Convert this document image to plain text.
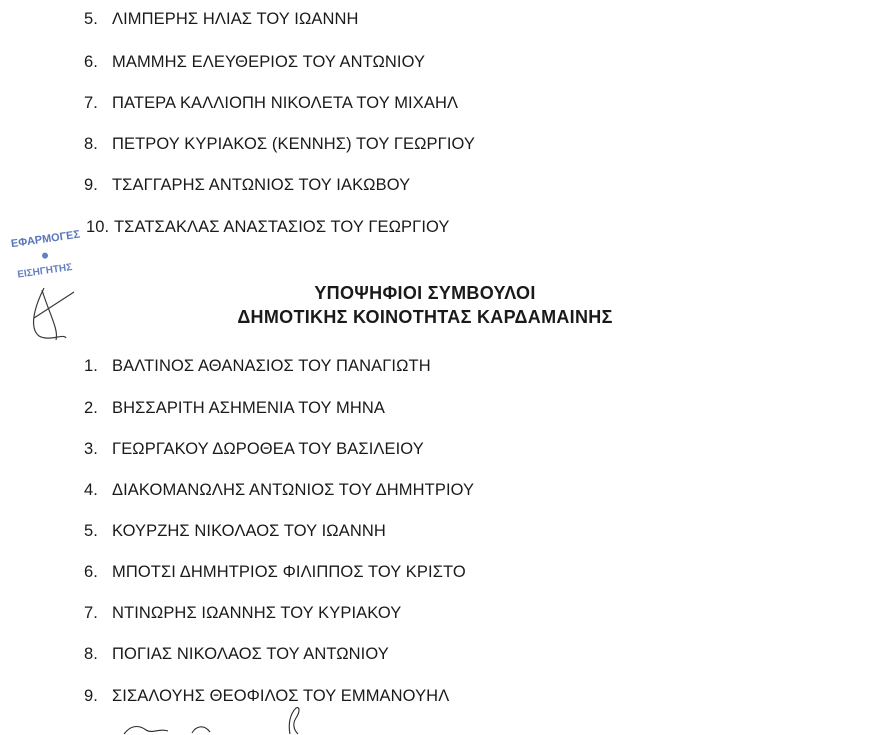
5. ΛΙΜΠΕΡΗΣ ΗΛΙΑΣ ΤΟΥ ΙΩΑΝΝΗ
6. ΜΑΜΜΗΣ ΕΛΕΥΘΕΡΙΟΣ ΤΟΥ ΑΝΤΩΝΙΟΥ
7. ΠΑΤΕΡΑ ΚΑΛΛΙΟΠΗ ΝΙΚΟΛΕΤΑ ΤΟΥ ΜΙΧΑΗΛ
8. ΠΕΤΡΟΥ ΚΥΡΙΑΚΟΣ (ΚΕΝΝΗΣ) ΤΟΥ ΓΕΩΡΓΙΟΥ
9. ΤΣΑΓΓΑΡΗΣ ΑΝΤΩΝΙΟΣ ΤΟΥ ΙΑΚΩΒΟΥ
10. ΤΣΑΤΣΑΚΛΑΣ ΑΝΑΣΤΑΣΙΟΣ ΤΟΥ ΓΕΩΡΓΙΟΥ
ΕΦΑΡΜΟΓΕΣ
ΕΙΣΗΓΗΤΗΣ
ΥΠΟΨΗΦΙΟΙ ΣΥΜΒΟΥΛΟΙ
ΔΗΜΟΤΙΚΗΣ ΚΟΙΝΟΤΗΤΑΣ ΚΑΡΔΑΜΑΙΝΗΣ
1. ΒΑΛΤΙΝΟΣ ΑΘΑΝΑΣΙΟΣ ΤΟΥ ΠΑΝΑΓΙΩΤΗ
2. ΒΗΣΣΑΡΙΤΗ ΑΣΗΜΕΝΙΑ ΤΟΥ ΜΗΝΑ
3. ΓΕΩΡΓΑΚΟΥ ΔΩΡΟΘΕΑ ΤΟΥ ΒΑΣΙΛΕΙΟΥ
4. ΔΙΑΚΟΜΑΝΩΛΗΣ ΑΝΤΩΝΙΟΣ ΤΟΥ ΔΗΜΗΤΡΙΟΥ
5. ΚΟΥΡΖΗΣ ΝΙΚΟΛΑΟΣ ΤΟΥ ΙΩΑΝΝΗ
6. ΜΠΟΤΣΙ ΔΗΜΗΤΡΙΟΣ ΦΙΛΙΠΠΟΣ ΤΟΥ ΚΡΙΣΤΟ
7. ΝΤΙΝΩΡΗΣ ΙΩΑΝΝΗΣ ΤΟΥ ΚΥΡΙΑΚΟΥ
8. ΠΟΓΙΑΣ ΝΙΚΟΛΑΟΣ ΤΟΥ ΑΝΤΩΝΙΟΥ
9. ΣΙΣΑΛΟΥΗΣ ΘΕΟΦΙΛΟΣ ΤΟΥ ΕΜΜΑΝΟΥΗΛ
